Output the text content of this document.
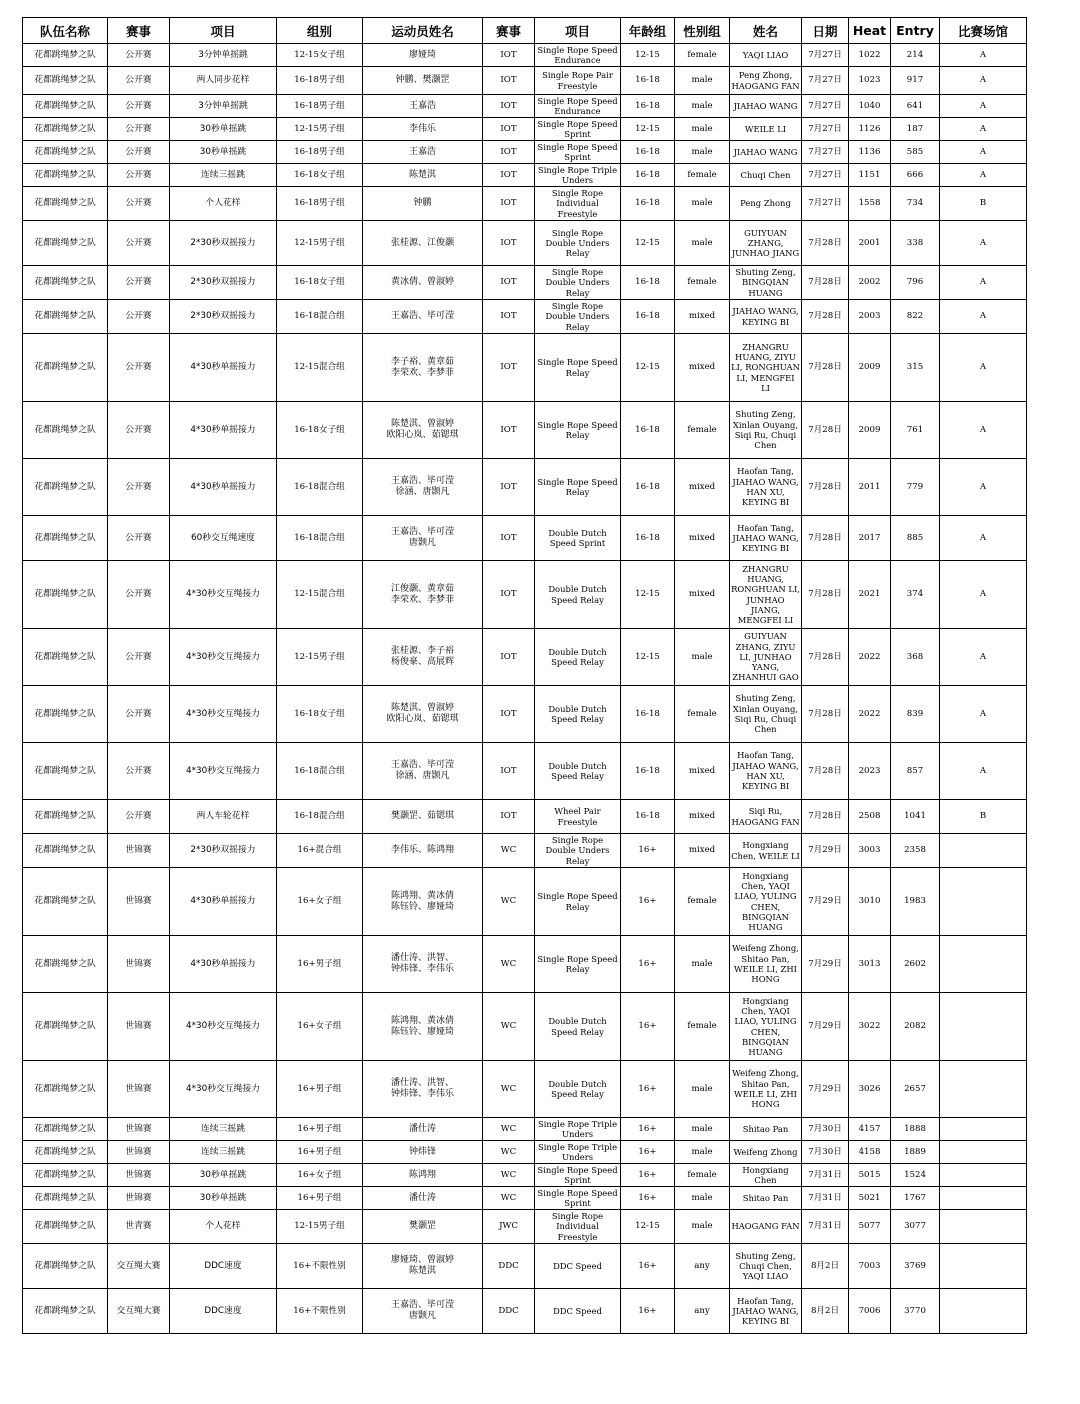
队伍名称	赛事	项目	组别	运动员姓名	赛事	项目	年龄组	性别组	姓名	日期	Heat	Entry	比赛场馆
花都跳绳梦之队	公开赛	3分钟单摇跳	12-15女子组	廖娅琦	IOT	Single Rope Speed Endurance	12-15	female	YAQI LIAO	7月27日	1022	214	A
花都跳绳梦之队	公开赛	两人同步花样	16-18男子组	钟鹏、樊灏罡	IOT	Single Rope Pair Freestyle	16-18	male	Peng Zhong, HAOGANG FAN	7月27日	1023	917	A
花都跳绳梦之队	公开赛	3分钟单摇跳	16-18男子组	王嘉浩	IOT	Single Rope Speed Endurance	16-18	male	JIAHAO WANG	7月27日	1040	641	A
花都跳绳梦之队	公开赛	30秒单摇跳	12-15男子组	李伟乐	IOT	Single Rope Speed Sprint	12-15	male	WEILE LI	7月27日	1126	187	A
花都跳绳梦之队	公开赛	30秒单摇跳	16-18男子组	王嘉浩	IOT	Single Rope Speed Sprint	16-18	male	JIAHAO WANG	7月27日	1136	585	A
花都跳绳梦之队	公开赛	连续三摇跳	16-18女子组	陈楚淇	IOT	Single Rope Triple Unders	16-18	female	Chuqi Chen	7月27日	1151	666	A
花都跳绳梦之队	公开赛	个人花样	16-18男子组	钟鹏	IOT	Single Rope Individual Freestyle	16-18	male	Peng Zhong	7月27日	1558	734	B
花都跳绳梦之队	公开赛	2*30秒双摇接力	12-15男子组	张桂源、江俊灏	IOT	Single Rope Double Unders Relay	12-15	male	GUIYUAN ZHANG, JUNHAO JIANG	7月28日	2001	338	A
花都跳绳梦之队	公开赛	2*30秒双摇接力	16-18女子组	黄冰倩、曾淑婷	IOT	Single Rope Double Unders Relay	16-18	female	Shuting Zeng, BINGQIAN HUANG	7月28日	2002	796	A
花都跳绳梦之队	公开赛	2*30秒双摇接力	16-18混合组	王嘉浩、毕可滢	IOT	Single Rope Double Unders Relay	16-18	mixed	JIAHAO WANG, KEYING BI	7月28日	2003	822	A
花都跳绳梦之队	公开赛	4*30秒单摇接力	12-15混合组	李子裕、黄章茹
李荣欢、李梦菲	IOT	Single Rope Speed Relay	12-15	mixed	ZHANGRU HUANG, ZIYU LI, RONGHUAN LI, MENGFEI LI	7月28日	2009	315	A
花都跳绳梦之队	公开赛	4*30秒单摇接力	16-18女子组	陈楚淇、曾淑婷
欧阳心岚、茹锶琪	IOT	Single Rope Speed Relay	16-18	female	Shuting Zeng, Xinlan Ouyang, Siqi Ru, Chuqi Chen	7月28日	2009	761	A
花都跳绳梦之队	公开赛	4*30秒单摇接力	16-18混合组	王嘉浩、毕可滢
徐涵、唐颢凡	IOT	Single Rope Speed Relay	16-18	mixed	Haofan Tang, JIAHAO WANG, HAN XU, KEYING BI	7月28日	2011	779	A
花都跳绳梦之队	公开赛	60秒交互绳速度	16-18混合组	王嘉浩、毕可滢
唐颢凡	IOT	Double Dutch Speed Sprint	16-18	mixed	Haofan Tang, JIAHAO WANG, KEYING BI	7月28日	2017	885	A
花都跳绳梦之队	公开赛	4*30秒交互绳接力	12-15混合组	江俊灏、黄章茹
李荣欢、李梦菲	IOT	Double Dutch Speed Relay	12-15	mixed	ZHANGRU HUANG, RONGHUAN LI, JUNHAO JIANG, MENGFEI LI	7月28日	2021	374	A
花都跳绳梦之队	公开赛	4*30秒交互绳接力	12-15男子组	张桂源、李子裕
杨俊豪、高展辉	IOT	Double Dutch Speed Relay	12-15	male	GUIYUAN ZHANG, ZIYU LI, JUNHAO YANG, ZHANHUI GAO	7月28日	2022	368	A
花都跳绳梦之队	公开赛	4*30秒交互绳接力	16-18女子组	陈楚淇、曾淑婷
欧阳心岚、茹锶琪	IOT	Double Dutch Speed Relay	16-18	female	Shuting Zeng, Xinlan Ouyang, Siqi Ru, Chuqi Chen	7月28日	2022	839	A
花都跳绳梦之队	公开赛	4*30秒交互绳接力	16-18混合组	王嘉浩、毕可滢
徐涵、唐颢凡	IOT	Double Dutch Speed Relay	16-18	mixed	Haofan Tang, JIAHAO WANG, HAN XU, KEYING BI	7月28日	2023	857	A
花都跳绳梦之队	公开赛	两人车轮花样	16-18混合组	樊灏罡、茹锶琪	IOT	Wheel Pair Freestyle	16-18	mixed	Siqi Ru, HAOGANG FAN	7月28日	2508	1041	B
花都跳绳梦之队	世锦赛	2*30秒双摇接力	16+混合组	李伟乐、陈鸿翔	WC	Single Rope Double Unders Relay	16+	mixed	Hongxiang Chen, WEILE LI	7月29日	3003	2358	
花都跳绳梦之队	世锦赛	4*30秒单摇接力	16+女子组	陈鸿翔、黄冰倩
陈钰铃、廖娅琦	WC	Single Rope Speed Relay	16+	female	Hongxiang Chen, YAQI LIAO, YULING CHEN, BINGQIAN HUANG	7月29日	3010	1983	
花都跳绳梦之队	世锦赛	4*30秒单摇接力	16+男子组	潘仕涛、洪智、
钟炜锋、李伟乐	WC	Single Rope Speed Relay	16+	male	Weifeng Zhong, Shitao Pan, WEILE LI, ZHI HONG	7月29日	3013	2602	
花都跳绳梦之队	世锦赛	4*30秒交互绳接力	16+女子组	陈鸿翔、黄冰倩
陈钰铃、廖娅琦	WC	Double Dutch Speed Relay	16+	female	Hongxiang Chen, YAQI LIAO, YULING CHEN, BINGQIAN HUANG	7月29日	3022	2082	
花都跳绳梦之队	世锦赛	4*30秒交互绳接力	16+男子组	潘仕涛、洪智、
钟炜锋、李伟乐	WC	Double Dutch Speed Relay	16+	male	Weifeng Zhong, Shitao Pan, WEILE LI, ZHI HONG	7月29日	3026	2657	
花都跳绳梦之队	世锦赛	连续三摇跳	16+男子组	潘仕涛	WC	Single Rope Triple Unders	16+	male	Shitao Pan	7月30日	4157	1888	
花都跳绳梦之队	世锦赛	连续三摇跳	16+男子组	钟炜锋	WC	Single Rope Triple Unders	16+	male	Weifeng Zhong	7月30日	4158	1889	
花都跳绳梦之队	世锦赛	30秒单摇跳	16+女子组	陈鸿翔	WC	Single Rope Speed Sprint	16+	female	Hongxiang Chen	7月31日	5015	1524	
花都跳绳梦之队	世锦赛	30秒单摇跳	16+男子组	潘仕涛	WC	Single Rope Speed Sprint	16+	male	Shitao Pan	7月31日	5021	1767	
花都跳绳梦之队	世青赛	个人花样	12-15男子组	樊灏罡	JWC	Single Rope Individual Freestyle	12-15	male	HAOGANG FAN	7月31日	5077	3077	
花都跳绳梦之队	交互绳大赛	DDC速度	16+不限性别	廖娅琦、曾淑婷
陈楚淇	DDC	DDC Speed	16+	any	Shuting Zeng, Chuqi Chen, YAQI LIAO	8月2日	7003	3769	
花都跳绳梦之队	交互绳大赛	DDC速度	16+不限性别	王嘉浩、毕可滢
唐颢凡	DDC	DDC Speed	16+	any	Haofan Tang, JIAHAO WANG, KEYING BI	8月2日	7006	3770	
